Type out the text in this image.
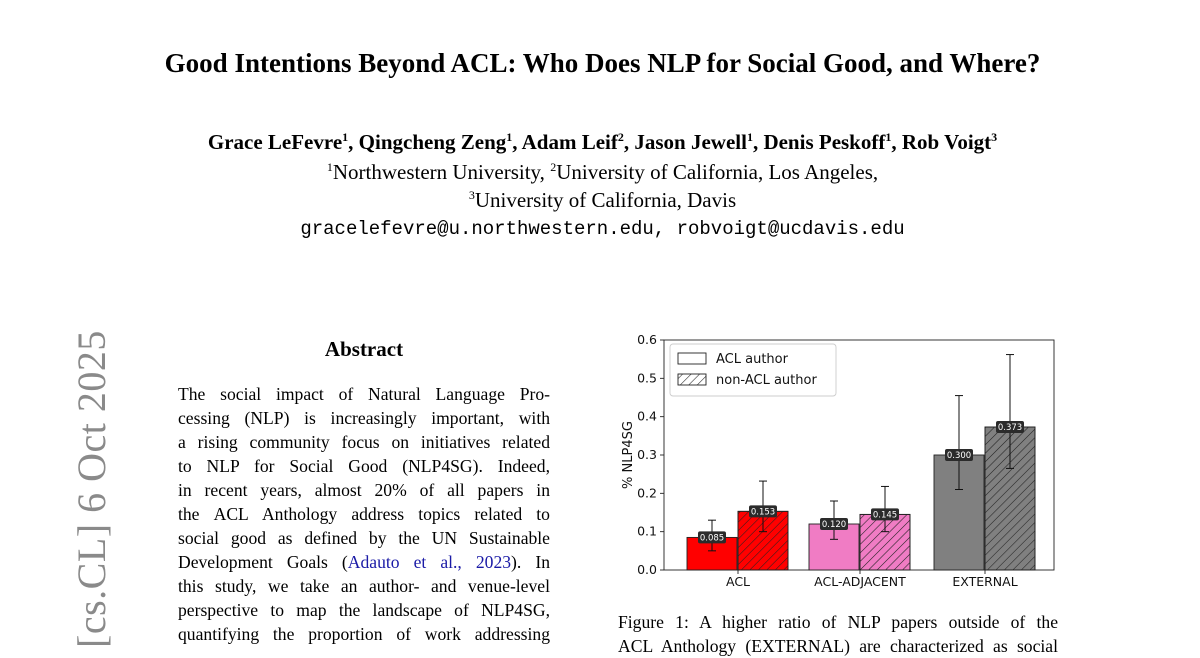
[cs.CL] 6 Oct 2025
Good Intentions Beyond ACL: Who Does NLP for Social Good, and Where?
Grace LeFevre$^1$, Qingcheng Zeng$^1$, Adam Leif$^2$, Jason Jewell$^1$, Denis Peskoff$^1$, Rob Voigt$^3$
$^1$Northwestern University, $^2$University of California, Los Angeles,
$^3$University of California, Davis
gracelefevre@u.northwestern.edu, robvoigt@ucdavis.edu
Abstract
The social impact of Natural Language Pro-
cessing (NLP) is increasingly important, with
a rising community focus on initiatives related
to NLP for Social Good (NLP4SG). Indeed,
in recent years, almost 20% of all papers in
the ACL Anthology address topics related to
social good as defined by the UN Sustainable
Development Goals (Adauto et al., 2023). In
this study, we take an author- and venue-level
perspective to map the landscape of NLP4SG,
quantifying the proportion of work addressing
0.0
0.1
0.2
0.3
0.4
0.5
0.6
% NLP4SG
ACL
0.085
0.153
ACL-ADJACENT
0.120
0.145
EXTERNAL
0.300
0.373
ACL author
non-ACL author
Figure 1: A higher ratio of NLP papers outside of the
ACL Anthology (EXTERNAL) are characterized as social
